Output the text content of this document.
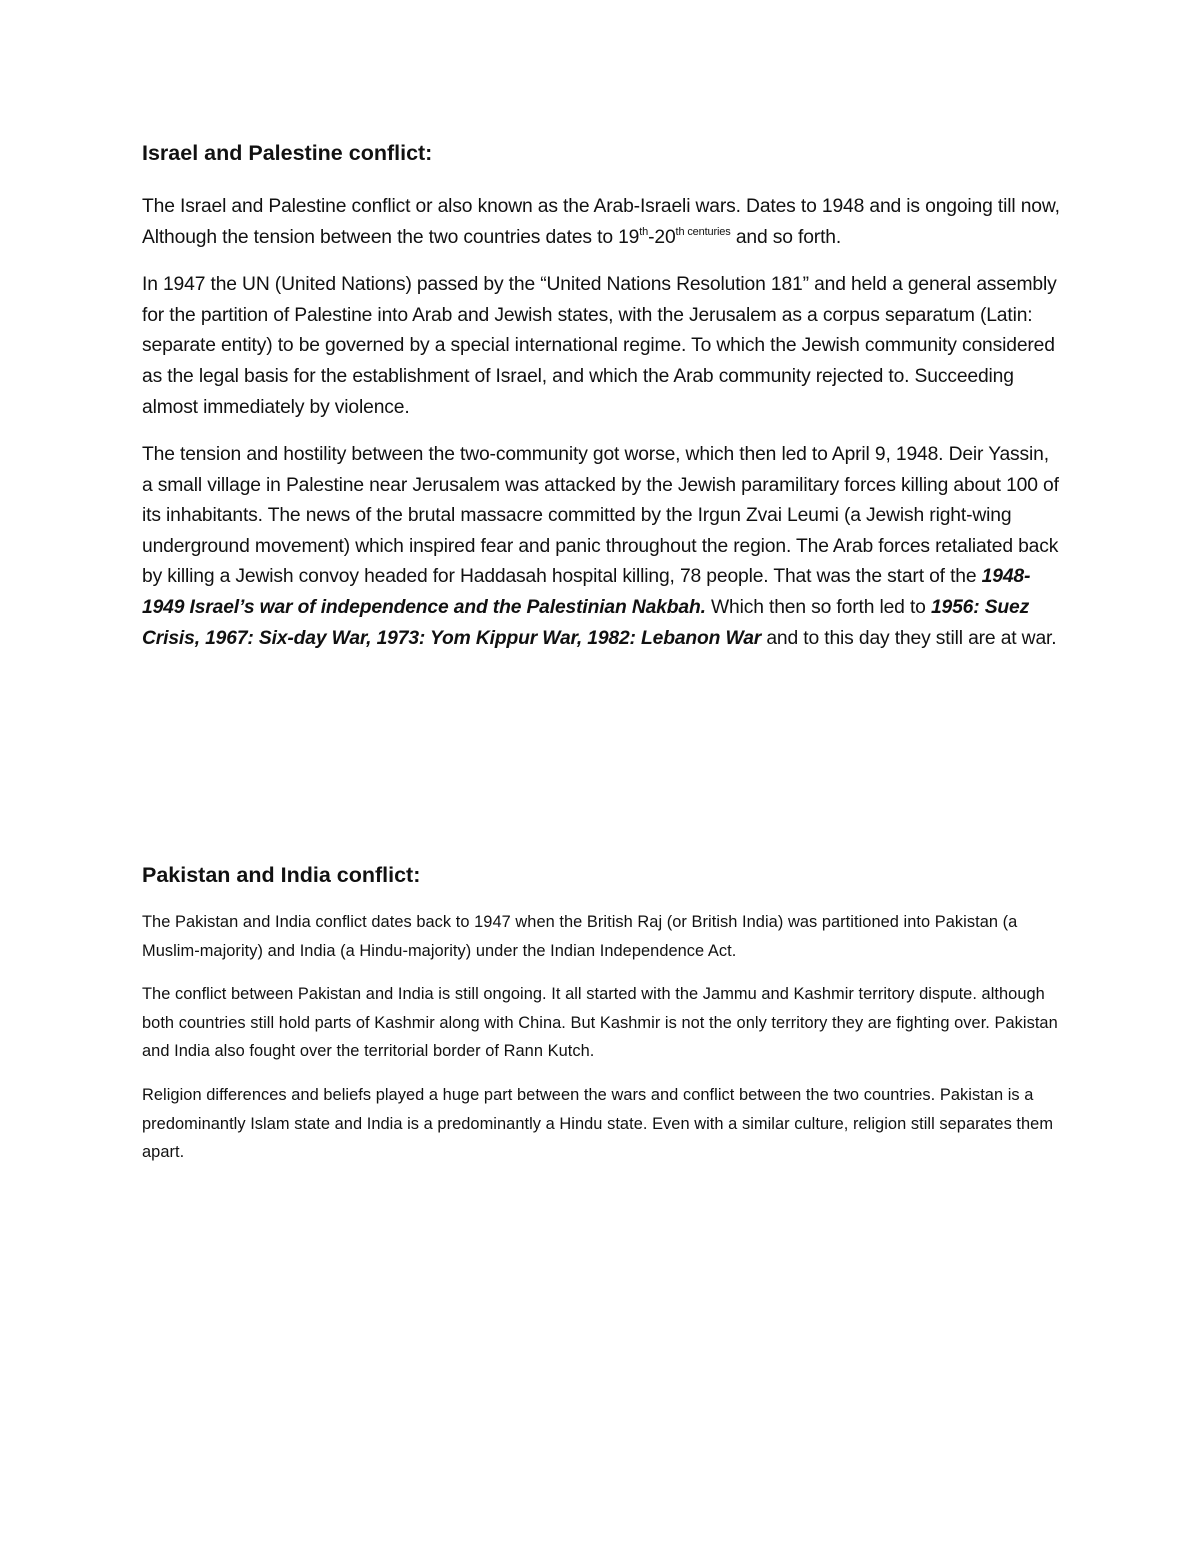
Israel and Palestine conflict:

The Israel and Palestine conflict or also known as the Arab-Israeli wars. Dates to 1948 and is ongoing till now, Although the tension between the two countries dates to $19th-20^{th centuries}$ and so forth.

In 1947 the UN (United Nations) passed by the “United Nations Resolution 181” and held a general assembly for the partition of Palestine into Arab and Jewish states, with the Jerusalem as a corpus separatum (Latin: separate entity) to be governed by a special international regime. To which the Jewish community considered as the legal basis for the establishment of Israel, and which the Arab community rejected to. Succeeding almost immediately by violence.

The tension and hostility between the two-community got worse, which then led to April 9, 1948. Deir Yassin, a small village in Palestine near Jerusalem was attacked by the Jewish paramilitary forces killing about 100 of its inhabitants. The news of the brutal massacre committed by the Irgun Zvai Leumi (a Jewish right-wing underground movement) which inspired fear and panic throughout the region. The Arab forces retaliated back by killing a Jewish convoy headed for Haddasah hospital killing, 78 people. That was the start of the 1948-1949 Israel’s war of independence and the Palestinian Nakbah. Which then so forth led to 1956: Suez Crisis, 1967: Six-day War, 1973: Yom Kippur War, 1982: Lebanon War and to this day they still are at war.

Pakistan and India conflict:

The Pakistan and India conflict dates back to 1947 when the British Raj (or British India) was partitioned into Pakistan (a Muslim-majority) and India (a Hindu-majority) under the Indian Independence Act.

The conflict between Pakistan and India is still ongoing. It all started with the Jammu and Kashmir territory dispute. although both countries still hold parts of Kashmir along with China. But Kashmir is not the only territory they are fighting over. Pakistan and India also fought over the territorial border of Rann Kutch.

Religion differences and beliefs played a huge part between the wars and conflict between the two countries. Pakistan is a predominantly Islam state and India is a predominantly a Hindu state. Even with a similar culture, religion still separates them apart.
